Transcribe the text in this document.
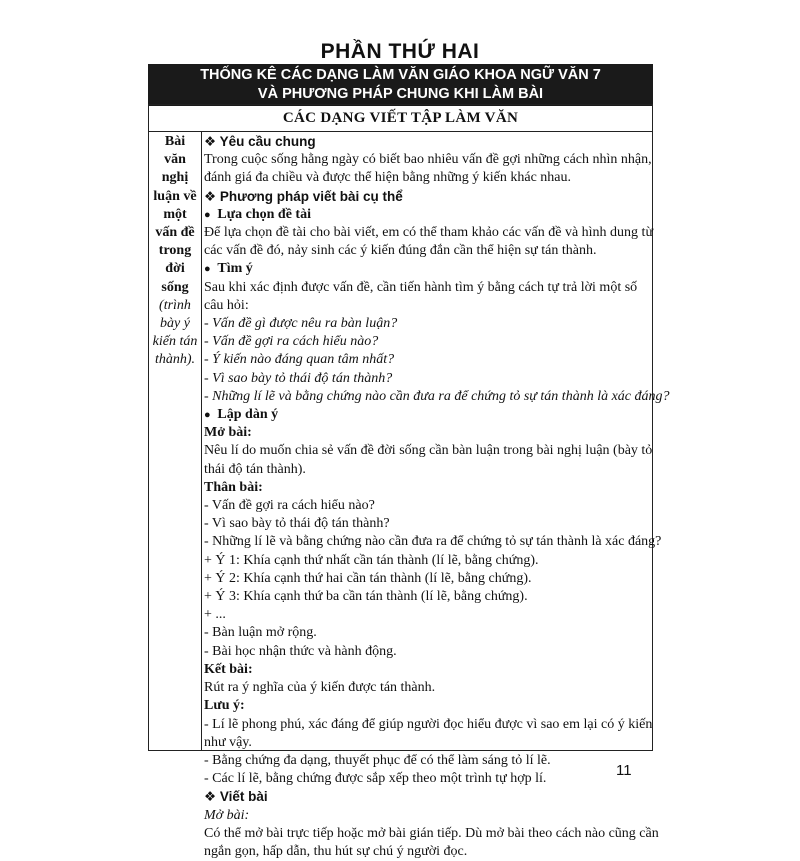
PHẦN THỨ HAI
THỐNG KÊ CÁC DẠNG LÀM VĂN GIÁO KHOA NGỮ VĂN 7
VÀ PHƯƠNG PHÁP CHUNG KHI LÀM BÀI
CÁC DẠNG VIẾT TẬP LÀM VĂN
Bài
văn
nghị
luận về
một
vấn đề
trong
đời
sống
(trình
bày ý
kiến tán
thành).
❖ Yêu cầu chung
Trong cuộc sống hằng ngày có biết bao nhiêu vấn đề gợi những cách nhìn nhận,
đánh giá đa chiều và được thể hiện bằng những ý kiến khác nhau.
❖ Phương pháp viết bài cụ thể
● Lựa chọn đề tài
Để lựa chọn đề tài cho bài viết, em có thể tham khảo các vấn đề và hình dung từ
các vấn đề đó, nảy sinh các ý kiến đúng đắn cần thể hiện sự tán thành.
● Tìm ý
Sau khi xác định được vấn đề, cần tiến hành tìm ý bằng cách tự trả lời một số
câu hỏi:
- Vấn đề gì được nêu ra bàn luận?
- Vấn đề gợi ra cách hiểu nào?
- Ý kiến nào đáng quan tâm nhất?
- Vì sao bày tỏ thái độ tán thành?
- Những lí lẽ và bằng chứng nào cần đưa ra để chứng tỏ sự tán thành là xác đáng?
● Lập dàn ý
Mở bài:
Nêu lí do muốn chia sẻ vấn đề đời sống cần bàn luận trong bài nghị luận (bày tỏ
thái độ tán thành).
Thân bài:
- Vấn đề gợi ra cách hiểu nào?
- Vì sao bày tỏ thái độ tán thành?
- Những lí lẽ và bằng chứng nào cần đưa ra để chứng tỏ sự tán thành là xác đáng?
+ Ý 1: Khía cạnh thứ nhất cần tán thành (lí lẽ, bằng chứng).
+ Ý 2: Khía cạnh thứ hai cần tán thành (lí lẽ, bằng chứng).
+ Ý 3: Khía cạnh thứ ba cần tán thành (lí lẽ, bằng chứng).
+ ...
- Bàn luận mở rộng.
- Bài học nhận thức và hành động.
Kết bài:
Rút ra ý nghĩa của ý kiến được tán thành.
Lưu ý:
- Lí lẽ phong phú, xác đáng để giúp người đọc hiểu được vì sao em lại có ý kiến
như vậy.
- Bằng chứng đa dạng, thuyết phục để có thể làm sáng tỏ lí lẽ.
- Các lí lẽ, bằng chứng được sắp xếp theo một trình tự hợp lí.
❖ Viết bài
Mở bài:
Có thể mở bài trực tiếp hoặc mở bài gián tiếp. Dù mở bài theo cách nào cũng cần
ngắn gọn, hấp dẫn, thu hút sự chú ý người đọc.
11
